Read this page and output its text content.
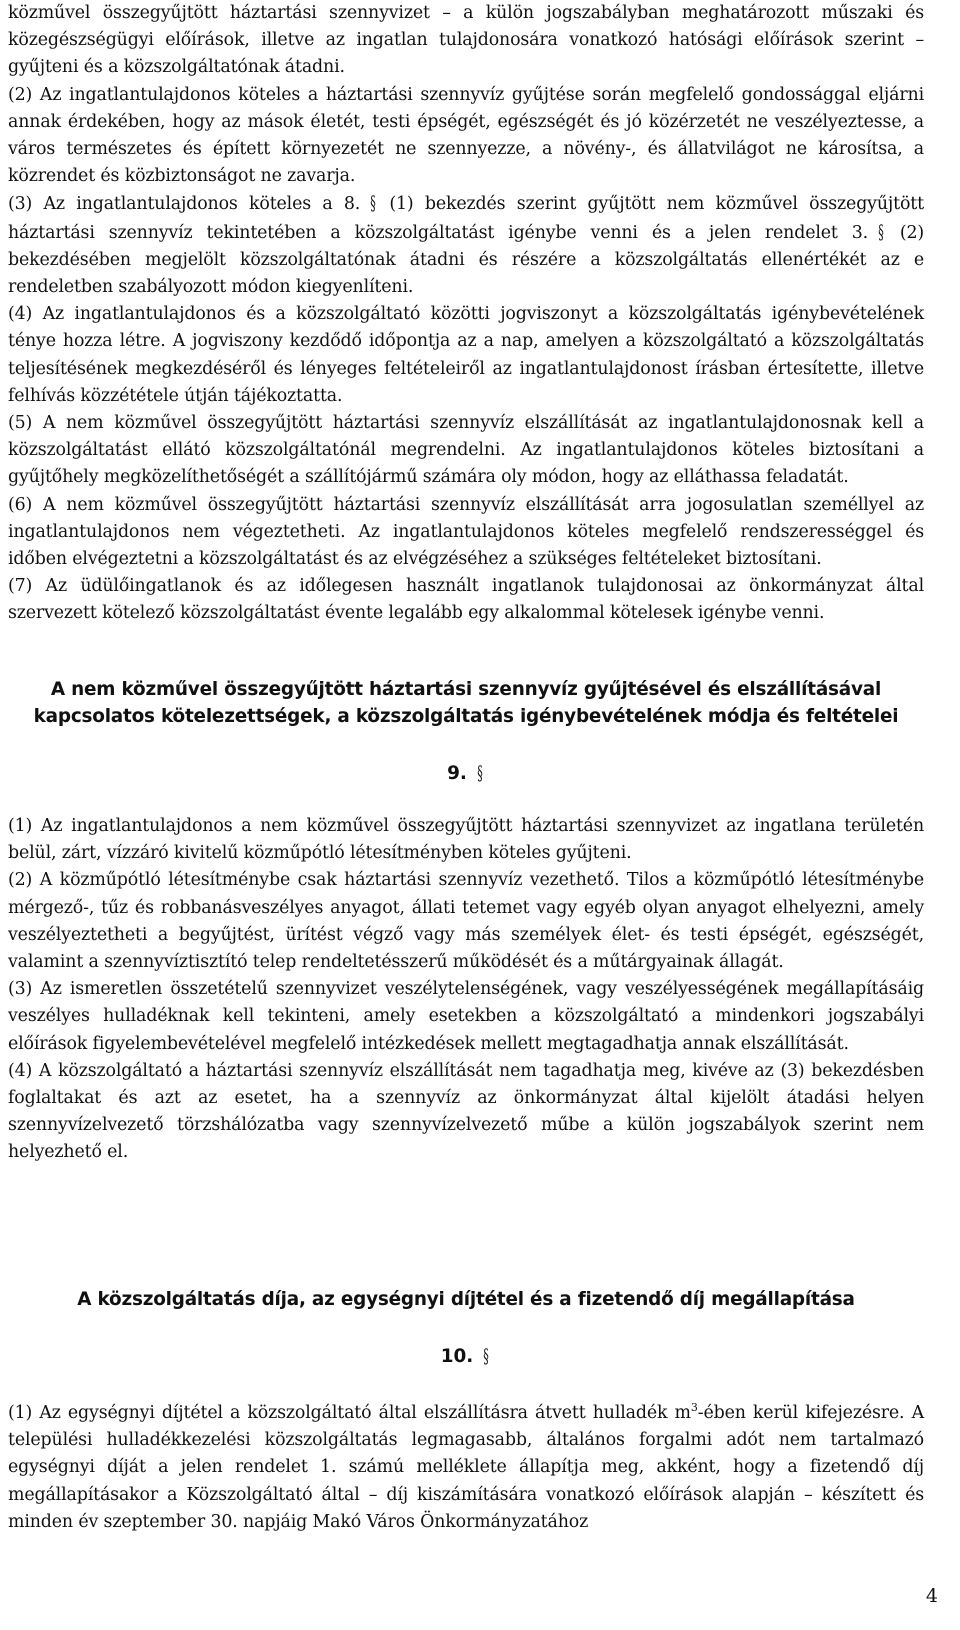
közművel összegyűjtött háztartási szennyvizet – a külön jogszabályban meghatározott műszaki és közegészségügyi előírások, illetve az ingatlan tulajdonosára vonatkozó hatósági előírások szerint – gyűjteni és a közszolgáltatónak átadni.

(2) Az ingatlantulajdonos köteles a háztartási szennyvíz gyűjtése során megfelelő gondossággal eljárni annak érdekében, hogy az mások életét, testi épségét, egészségét és jó közérzetét ne veszélyeztesse, a város természetes és épített környezetét ne szennyezze, a növény-, és állatvilágot ne károsítsa, a közrendet és közbiztonságot ne zavarja.

(3) Az ingatlantulajdonos köteles a 8. § (1) bekezdés szerint gyűjtött nem közművel összegyűjtött háztartási szennyvíz tekintetében a közszolgáltatást igénybe venni és a jelen rendelet 3. § (2) bekezdésében megjelölt közszolgáltatónak átadni és részére a közszolgáltatás ellenértékét az e rendeletben szabályozott módon kiegyenlíteni.

(4) Az ingatlantulajdonos és a közszolgáltató közötti jogviszonyt a közszolgáltatás igénybevételének ténye hozza létre. A jogviszony kezdődő időpontja az a nap, amelyen a közszolgáltató a közszolgáltatás teljesítésének megkezdéséről és lényeges feltételeiről az ingatlantulajdonost írásban értesítette, illetve felhívás közzététele útján tájékoztatta.

(5) A nem közművel összegyűjtött háztartási szennyvíz elszállítását az ingatlantulajdonosnak kell a közszolgáltatást ellátó közszolgáltatónál megrendelni. Az ingatlantulajdonos köteles biztosítani a gyűjtőhely megközelíthetőségét a szállítójármű számára oly módon, hogy az elláthassa feladatát.

(6) A nem közművel összegyűjtött háztartási szennyvíz elszállítását arra jogosulatlan személlyel az ingatlantulajdonos nem végeztetheti. Az ingatlantulajdonos köteles megfelelő rendszerességgel és időben elvégeztetni a közszolgáltatást és az elvégzéséhez a szükséges feltételeket biztosítani.

(7) Az üdülőingatlanok és az időlegesen használt ingatlanok tulajdonosai az önkormányzat által szervezett kötelező közszolgáltatást évente legalább egy alkalommal kötelesek igénybe venni.

A nem közművel összegyűjtött háztartási szennyvíz gyűjtésével és elszállításával

kapcsolatos kötelezettségek, a közszolgáltatás igénybevételének módja és feltételei

9. §

(1) Az ingatlantulajdonos a nem közművel összegyűjtött háztartási szennyvizet az ingatlana területén belül, zárt, vízzáró kivitelű közműpótló létesítményben köteles gyűjteni.

(2) A közműpótló létesítménybe csak háztartási szennyvíz vezethető. Tilos a közműpótló létesítménybe mérgező-, tűz és robbanásveszélyes anyagot, állati tetemet vagy egyéb olyan anyagot elhelyezni, amely veszélyeztetheti a begyűjtést, ürítést végző vagy más személyek élet- és testi épségét, egészségét, valamint a szennyvíztisztító telep rendeltetésszerű működését és a műtárgyainak állagát.

(3) Az ismeretlen összetételű szennyvizet veszélytelenségének, vagy veszélyességének megállapításáig veszélyes hulladéknak kell tekinteni, amely esetekben a közszolgáltató a mindenkori jogszabályi előírások figyelembevételével megfelelő intézkedések mellett megtagadhatja annak elszállítását.

(4) A közszolgáltató a háztartási szennyvíz elszállítását nem tagadhatja meg, kivéve az (3) bekezdésben foglaltakat és azt az esetet, ha a szennyvíz az önkormányzat által kijelölt átadási helyen szennyvízelvezető törzshálózatba vagy szennyvízelvezető műbe a külön jogszabályok szerint nem helyezhető el.

A közszolgáltatás díja, az egységnyi díjtétel és a fizetendő díj megállapítása

10. §

(1) Az egységnyi díjtétel a közszolgáltató által elszállításra átvett hulladék $m^3$-ében kerül kifejezésre. A települési hulladékkezelési közszolgáltatás legmagasabb, általános forgalmi adót nem tartalmazó egységnyi díját a jelen rendelet 1. számú melléklete állapítja meg, akként, hogy a fizetendő díj megállapításakor a Közszolgáltató által – díj kiszámítására vonatkozó előírások alapján – készített és minden év szeptember 30. napjáig Makó Város Önkormányzatához

4
